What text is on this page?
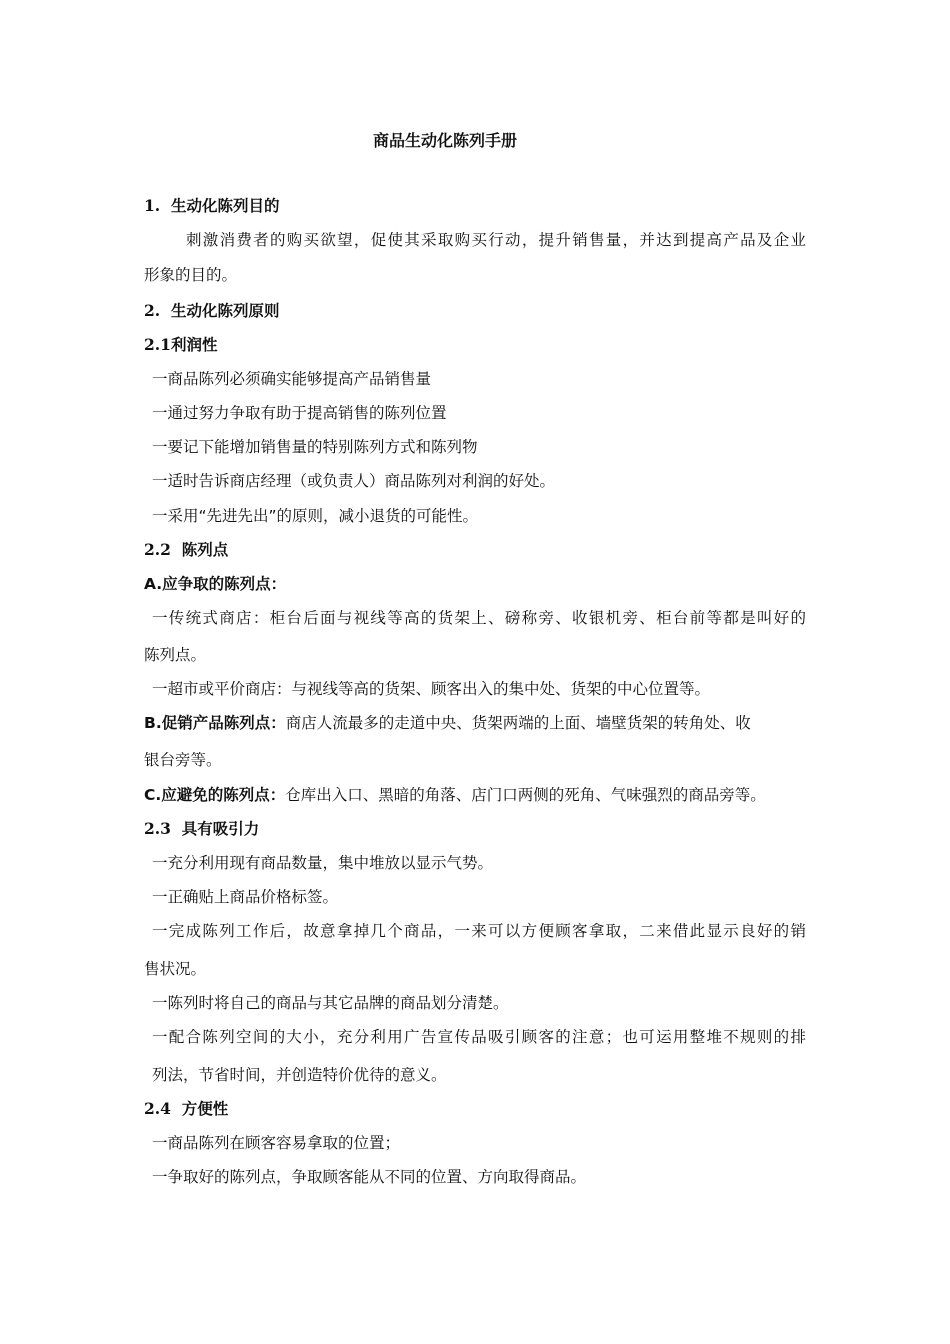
商品生动化陈列手册
1. 生动化陈列目的
刺激消费者的购买欲望，促使其采取购买行动，提升销售量，并达到提高产品及企业
形象的目的。
2. 生动化陈列原则
2.1利润性
一商品陈列必须确实能够提高产品销售量
一通过努力争取有助于提高销售的陈列位置
一要记下能增加销售量的特别陈列方式和陈列物
一适时告诉商店经理（或负责人）商品陈列对利润的好处。
一采用“先进先出”的原则，减小退货的可能性。
2.2 陈列点
A.应争取的陈列点：
一传统式商店：柜台后面与视线等高的货架上、磅称旁、收银机旁、柜台前等都是叫好的
陈列点。
一超市或平价商店：与视线等高的货架、顾客出入的集中处、货架的中心位置等。
B.促销产品陈列点：商店人流最多的走道中央、货架两端的上面、墙壁货架的转角处、收
银台旁等。
C.应避免的陈列点：仓库出入口、黑暗的角落、店门口两侧的死角、气味强烈的商品旁等。
2.3 具有吸引力
一充分利用现有商品数量，集中堆放以显示气势。
一正确贴上商品价格标签。
一完成陈列工作后，故意拿掉几个商品，一来可以方便顾客拿取，二来借此显示良好的销
售状况。
一陈列时将自己的商品与其它品牌的商品划分清楚。
一配合陈列空间的大小，充分利用广告宣传品吸引顾客的注意；也可运用整堆不规则的排
列法，节省时间，并创造特价优待的意义。
2.4 方便性
一商品陈列在顾客容易拿取的位置；
一争取好的陈列点，争取顾客能从不同的位置、方向取得商品。
